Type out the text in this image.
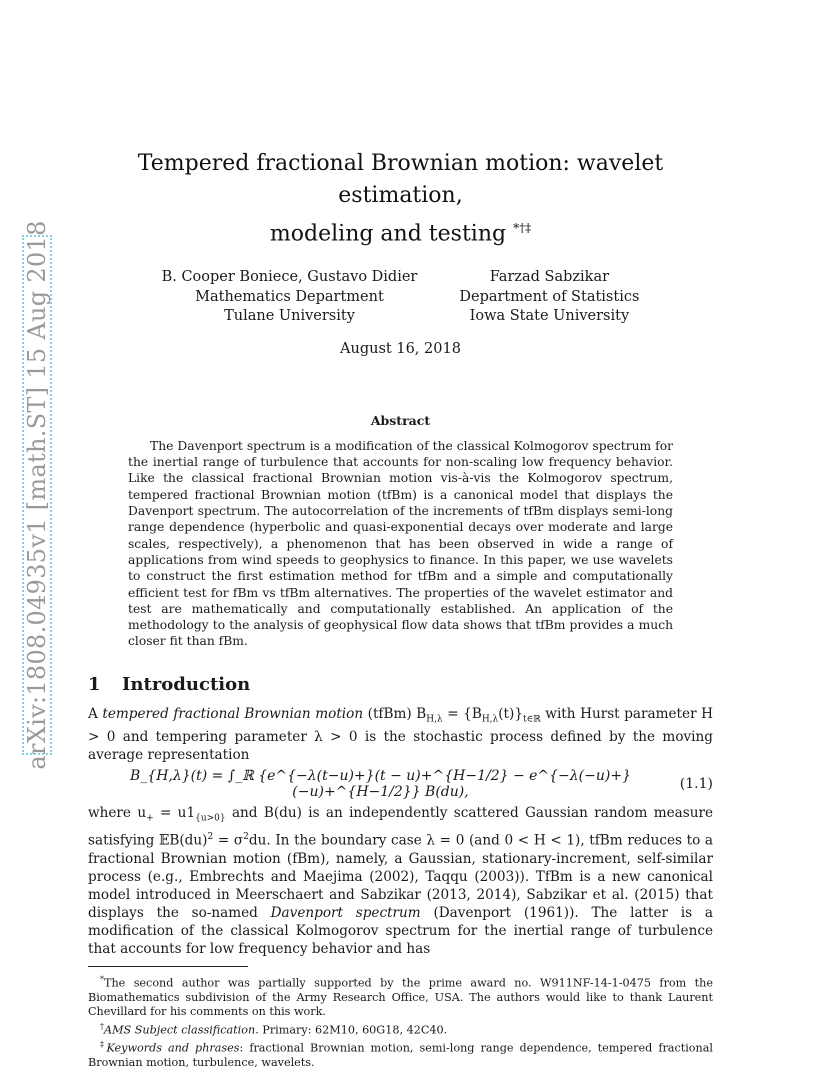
arXiv:1808.04935v1 [math.ST] 15 Aug 2018
Tempered fractional Brownian motion: wavelet estimation,
modeling and testing *†‡
B. Cooper Boniece, Gustavo Didier
Mathematics Department
Tulane University
Farzad Sabzikar
Department of Statistics
Iowa State University
August 16, 2018
Abstract

The Davenport spectrum is a modification of the classical Kolmogorov spectrum for the inertial range of turbulence that accounts for non-scaling low frequency behavior. Like the classical fractional Brownian motion vis-à-vis the Kolmogorov spectrum, tempered fractional Brownian motion (tfBm) is a canonical model that displays the Davenport spectrum. The autocorrelation of the increments of tfBm displays semi-long range dependence (hyperbolic and quasi-exponential decays over moderate and large scales, respectively), a phenomenon that has been observed in wide a range of applications from wind speeds to geophysics to finance. In this paper, we use wavelets to construct the first estimation method for tfBm and a simple and computationally efficient test for fBm vs tfBm alternatives. The properties of the wavelet estimator and test are mathematically and computationally established. An application of the methodology to the analysis of geophysical flow data shows that tfBm provides a much closer fit than fBm.

1 Introduction
A tempered fractional Brownian motion (tfBm) $B_{H,\lambda} = \{B_{H,\lambda}(t)\}_{t\in ℝ}$ with Hurst parameter H > 0 and tempering parameter λ > 0 is the stochastic process defined by the moving average representation
B_{H,λ}(t) = ∫_ℝ {e^{−λ(t−u)+}(t − u)+^{H−1/2} − e^{−λ(−u)+}(−u)+^{H−1/2}} B(du),	(1.1)
where $u_+ = u1_{\{u>0\}}$ and B(du) is an independently scattered Gaussian random measure satisfying 𝔼B(du)$^2$ = $\sigma^2du$. In the boundary case λ = 0 (and 0 < H < 1), tfBm reduces to a fractional Brownian motion (fBm), namely, a Gaussian, stationary-increment, self-similar process (e.g., Embrechts and Maejima (2002), Taqqu (2003)). TfBm is a new canonical model introduced in Meerschaert and Sabzikar (2013, 2014), Sabzikar et al. (2015) that displays the so-named Davenport spectrum (Davenport (1961)). The latter is a modification of the classical Kolmogorov spectrum for the inertial range of turbulence that accounts for low frequency behavior and has

*The second author was partially supported by the prime award no. W911NF-14-1-0475 from the Biomathematics subdivision of the Army Research Office, USA. The authors would like to thank Laurent Chevillard for his comments on this work.

†AMS Subject classification. Primary: 62M10, 60G18, 42C40.

‡Keywords and phrases: fractional Brownian motion, semi-long range dependence, tempered fractional Brownian motion, turbulence, wavelets.
